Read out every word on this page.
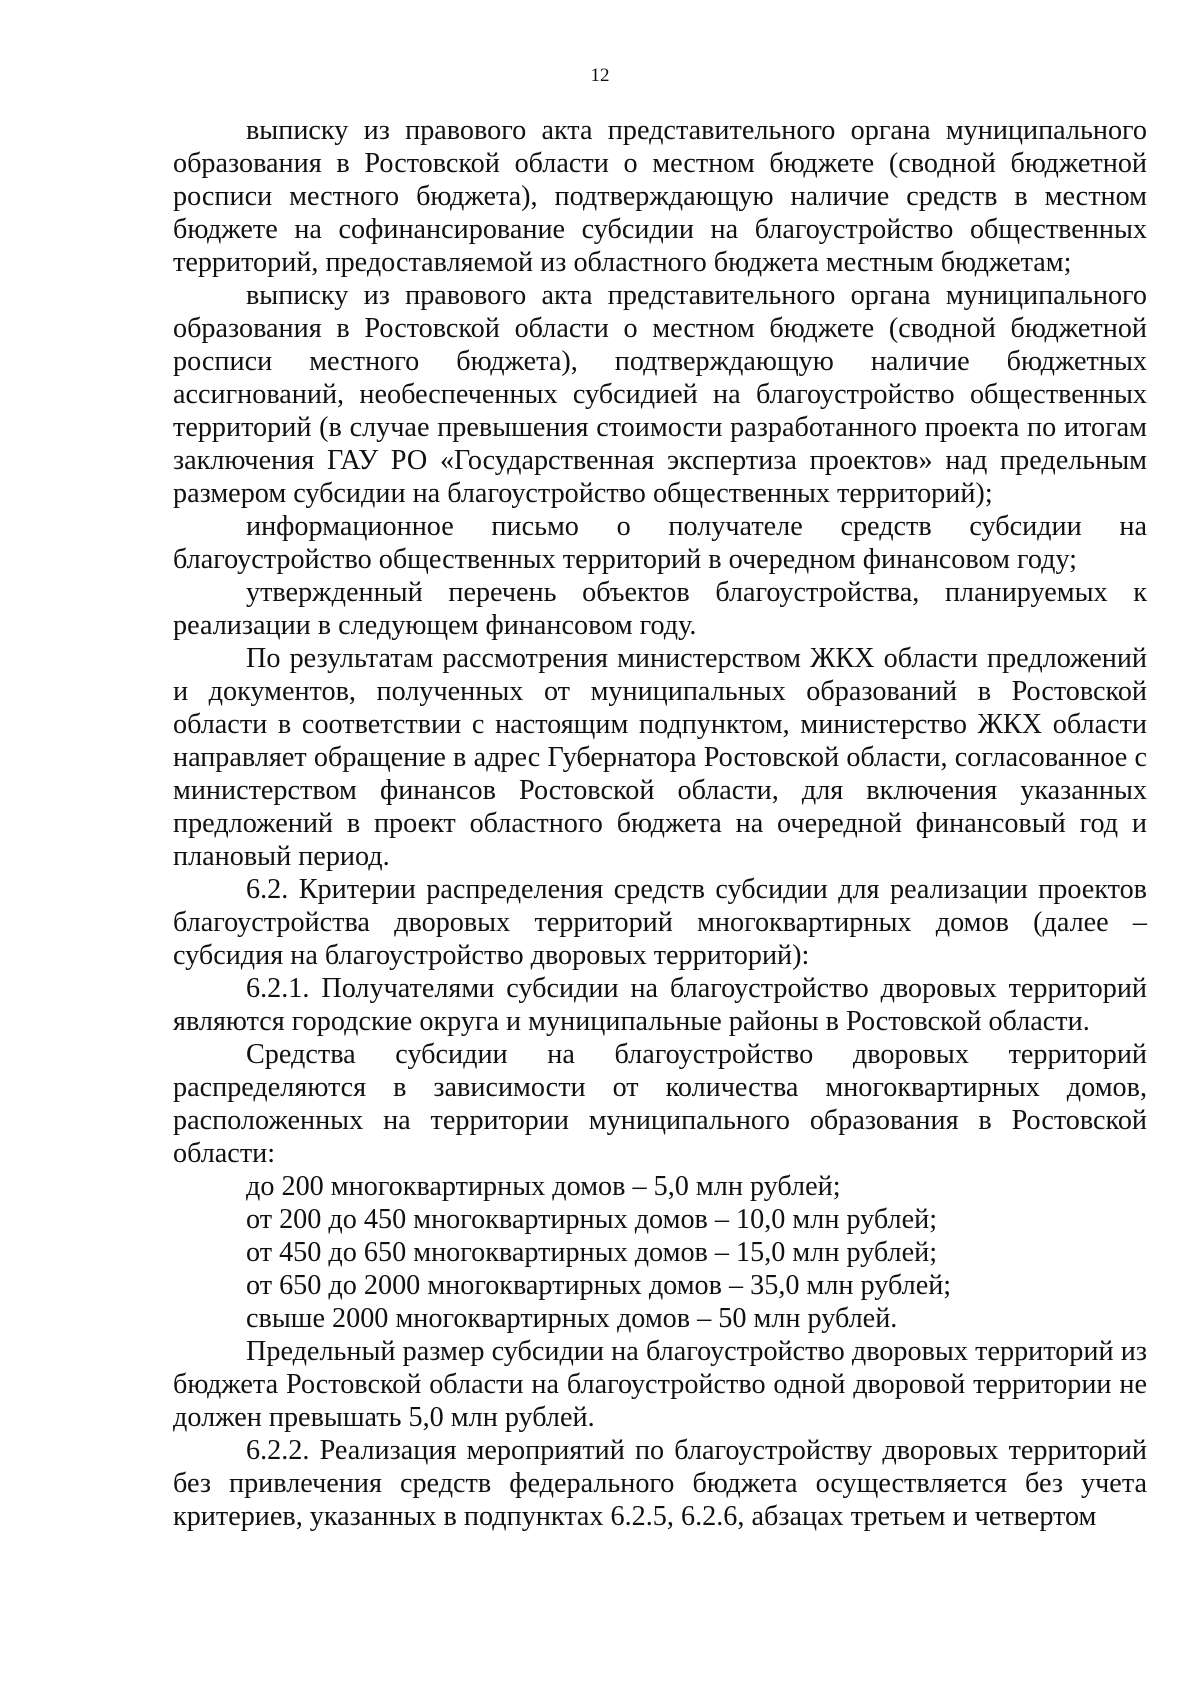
12

выписку из правового акта представительного органа муниципального образования в Ростовской области о местном бюджете (сводной бюджетной росписи местного бюджета), подтверждающую наличие средств в местном бюджете на софинансирование субсидии на благоустройство общественных территорий, предоставляемой из областного бюджета местным бюджетам;

выписку из правового акта представительного органа муниципального образования в Ростовской области о местном бюджете (сводной бюджетной росписи местного бюджета), подтверждающую наличие бюджетных ассигнований, необеспеченных субсидией на благоустройство общественных территорий (в случае превышения стоимости разработанного проекта по итогам заключения ГАУ РО «Государственная экспертиза проектов» над предельным размером субсидии на благоустройство общественных территорий);

информационное письмо о получателе средств субсидии на благоустройство общественных территорий в очередном финансовом году;

утвержденный перечень объектов благоустройства, планируемых к реализации в следующем финансовом году.

По результатам рассмотрения министерством ЖКХ области предложений и документов, полученных от муниципальных образований в Ростовской области в соответствии с настоящим подпунктом, министерство ЖКХ области направляет обращение в адрес Губернатора Ростовской области, согласованное с министерством финансов Ростовской области, для включения указанных предложений в проект областного бюджета на очередной финансовый год и плановый период.

6.2. Критерии распределения средств субсидии для реализации проектов благоустройства дворовых территорий многоквартирных домов (далее – субсидия на благоустройство дворовых территорий):

6.2.1. Получателями субсидии на благоустройство дворовых территорий являются городские округа и муниципальные районы в Ростовской области.

Средства субсидии на благоустройство дворовых территорий распределяются в зависимости от количества многоквартирных домов, расположенных на территории муниципального образования в Ростовской области:

до 200 многоквартирных домов – 5,0 млн рублей;

от 200 до 450 многоквартирных домов – 10,0 млн рублей;

от 450 до 650 многоквартирных домов – 15,0 млн рублей;

от 650 до 2000 многоквартирных домов – 35,0 млн рублей;

свыше 2000 многоквартирных домов – 50 млн рублей.

Предельный размер субсидии на благоустройство дворовых территорий из бюджета Ростовской области на благоустройство одной дворовой территории не должен превышать 5,0 млн рублей.

6.2.2. Реализация мероприятий по благоустройству дворовых территорий без привлечения средств федерального бюджета осуществляется без учета критериев, указанных в подпунктах 6.2.5, 6.2.6, абзацах третьем и четвертом
